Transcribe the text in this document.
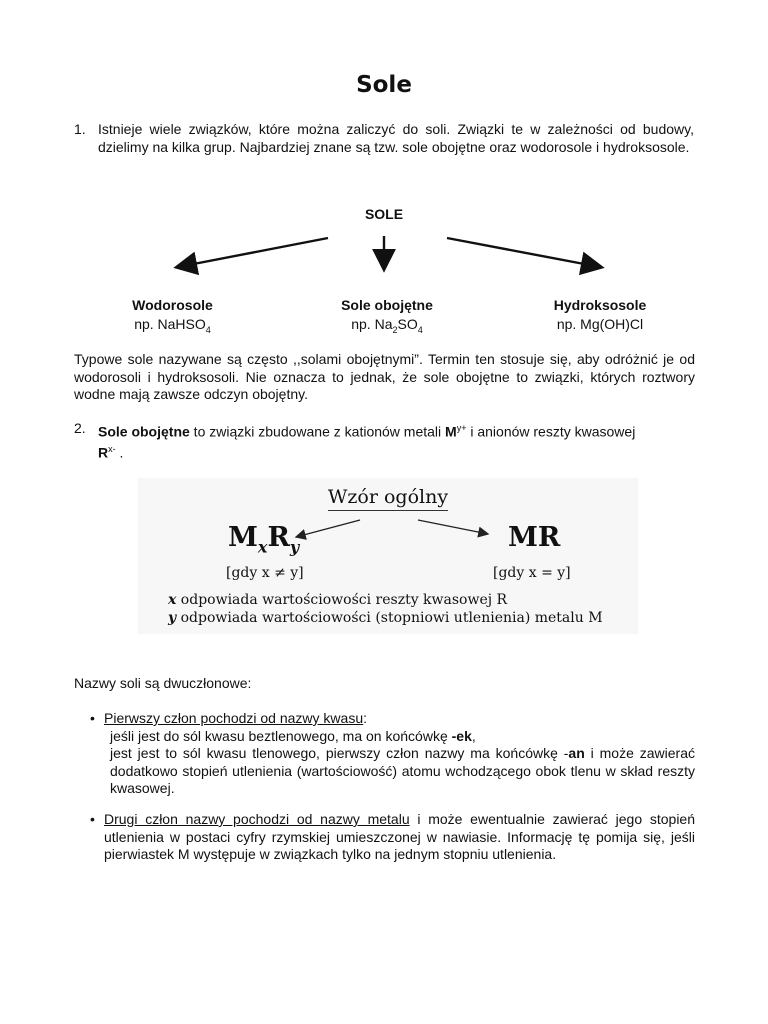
Sole
1. Istnieje wiele związków, które można zaliczyć do soli. Związki te w zależności od budowy, dzielimy na kilka grup. Najbardziej znane są tzw. sole obojętne oraz wodorosole i hydroksosole.
SOLE
Wodorosole
np. NaHSO$_4$
Sole obojętne
np. $Na_2SO_4$
Hydroksosole
np. Mg(OH)Cl
Typowe sole nazywane są często ,,solami obojętnymi”. Termin ten stosuje się, aby odróżnić je od wodorosoli i hydroksosoli. Nie oznacza to jednak, że sole obojętne to związki, których roztwory wodne mają zawsze odczyn obojętny.
2. Sole obojętne to związki zbudowane z kationów metali $M^{y+}$ i anionów reszty kwasowej
$R^{x-}$ .
Wzór ogólny
$M_xR_y$
[gdy x ≠ y]
MR
[gdy x = y]
x odpowiada wartościowości reszty kwasowej R
y odpowiada wartościowości (stopniowi utlenienia) metalu M
Nazwy soli są dwuczłonowe:
• Pierwszy człon pochodzi od nazwy kwasu:
jeśli jest do sól kwasu beztlenowego, ma on końcówkę -ek,
jest jest to sól kwasu tlenowego, pierwszy człon nazwy ma końcówkę -an i może zawierać dodatkowo stopień utlenienia (wartościowość) atomu wchodzącego obok tlenu w skład reszty kwasowej.
• Drugi człon nazwy pochodzi od nazwy metalu i może ewentualnie zawierać jego stopień utlenienia w postaci cyfry rzymskiej umieszczonej w nawiasie. Informację tę pomija się, jeśli pierwiastek M występuje w związkach tylko na jednym stopniu utlenienia.
